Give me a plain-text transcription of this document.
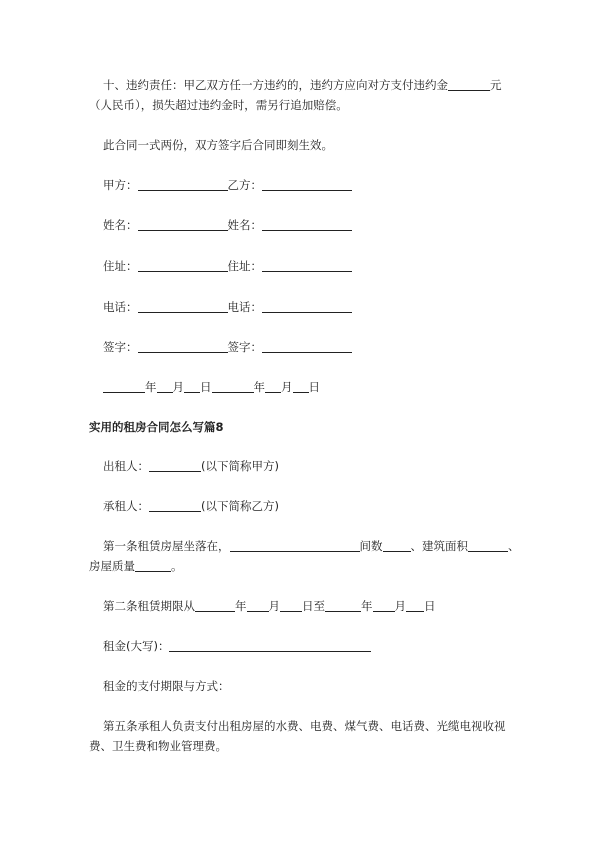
十、违约责任：甲乙双方任一方违约的，违约方应向对方支付违约金	元
（人民币），损失超过违约金时，需另行追加赔偿。
此合同一式两份，双方签字后合同即刻生效。
甲方：	乙方：
姓名：	姓名：
住址：	住址：
电话：	电话：
签字：	签字：
年 月 日	年 月 日
实用的租房合同怎么写篇8
出租人：	(以下简称甲方)
承租人：	(以下简称乙方)
第一条租赁房屋坐落在，	间数 、建筑面积	、
房屋质量	。
第二条租赁期限从	年 月 日至	年 月 日
租金(大写)：
租金的支付期限与方式：
第五条承租人负责支付出租房屋的水费、电费、煤气费、电话费、光缆电视收视
费、卫生费和物业管理费。
